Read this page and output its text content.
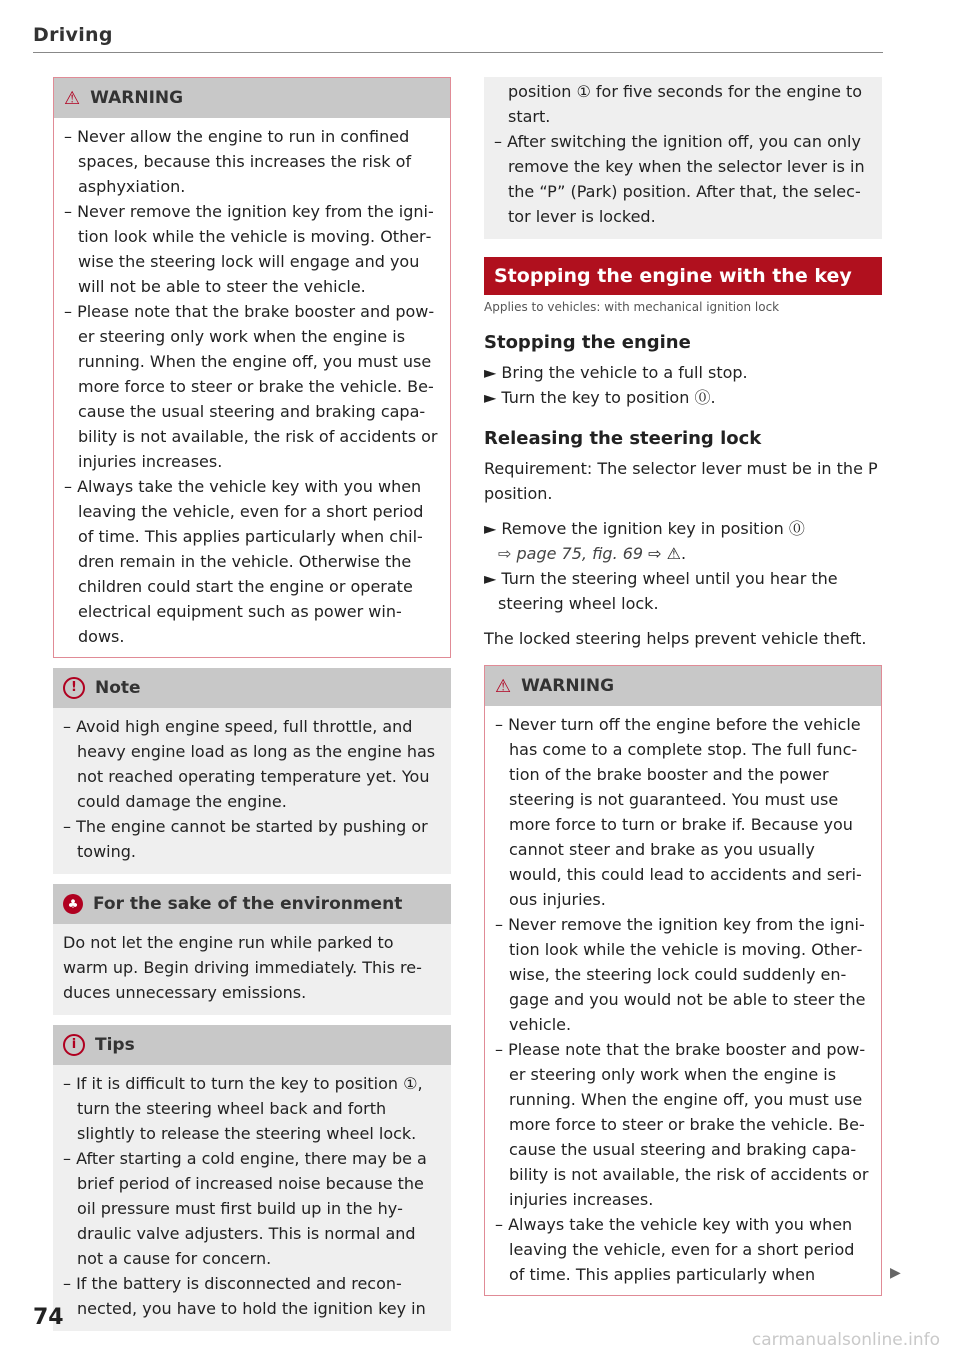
Driving
⚠ WARNING

– Never allow the engine to run in confined spaces, because this increases the risk of asphyxiation.

– Never remove the ignition key from the ignition look while the vehicle is moving. Otherwise the steering lock will engage and you will not be able to steer the vehicle.

– Please note that the brake booster and power steering only work when the engine is running. When the engine off, you must use more force to steer or brake the vehicle. Because the usual steering and braking capability is not available, the risk of accidents or injuries increases.

– Always take the vehicle key with you when leaving the vehicle, even for a short period of time. This applies particularly when children remain in the vehicle. Otherwise the children could start the engine or operate electrical equipment such as power windows.

!	Note

– Avoid high engine speed, full throttle, and heavy engine load as long as the engine has not reached operating temperature yet. You could damage the engine.

– The engine cannot be started by pushing or towing.

♣ For the sake of the environment

Do not let the engine run while parked to warm up. Begin driving immediately. This reduces unnecessary emissions.

i	Tips

– If it is difficult to turn the key to position ①, turn the steering wheel back and forth slightly to release the steering wheel lock.

– After starting a cold engine, there may be a brief period of increased noise because the oil pressure must first build up in the hydraulic valve adjusters. This is normal and not a cause for concern.

– If the battery is disconnected and reconnected, you have to hold the ignition key in

position ① for five seconds for the engine to start.

– After switching the ignition off, you can only remove the key when the selector lever is in the “P” (Park) position. After that, the selector lever is locked.

Stopping the engine with the key

Applies to vehicles: with mechanical ignition lock

Stopping the engine

► Bring the vehicle to a full stop.

► Turn the key to position ⓪.

Releasing the steering lock

Requirement: The selector lever must be in the P position.

► Remove the ignition key in position ⓪
⇨ page 75, fig. 69 ⇨ ⚠.

► Turn the steering wheel until you hear the steering wheel lock.

The locked steering helps prevent vehicle theft.

⚠ WARNING

– Never turn off the engine before the vehicle has come to a complete stop. The full function of the brake booster and the power steering is not guaranteed. You must use more force to turn or brake if. Because you cannot steer and brake as you usually would, this could lead to accidents and serious injuries.

– Never remove the ignition key from the ignition look while the vehicle is moving. Otherwise, the steering lock could suddenly engage and you would not be able to steer the vehicle.

– Please note that the brake booster and power steering only work when the engine is running. When the engine off, you must use more force to steer or brake the vehicle. Because the usual steering and braking capability is not available, the risk of accidents or injuries increases.

– Always take the vehicle key with you when leaving the vehicle, even for a short period of time. This applies particularly when	▶
74
carmanualsonline.info
